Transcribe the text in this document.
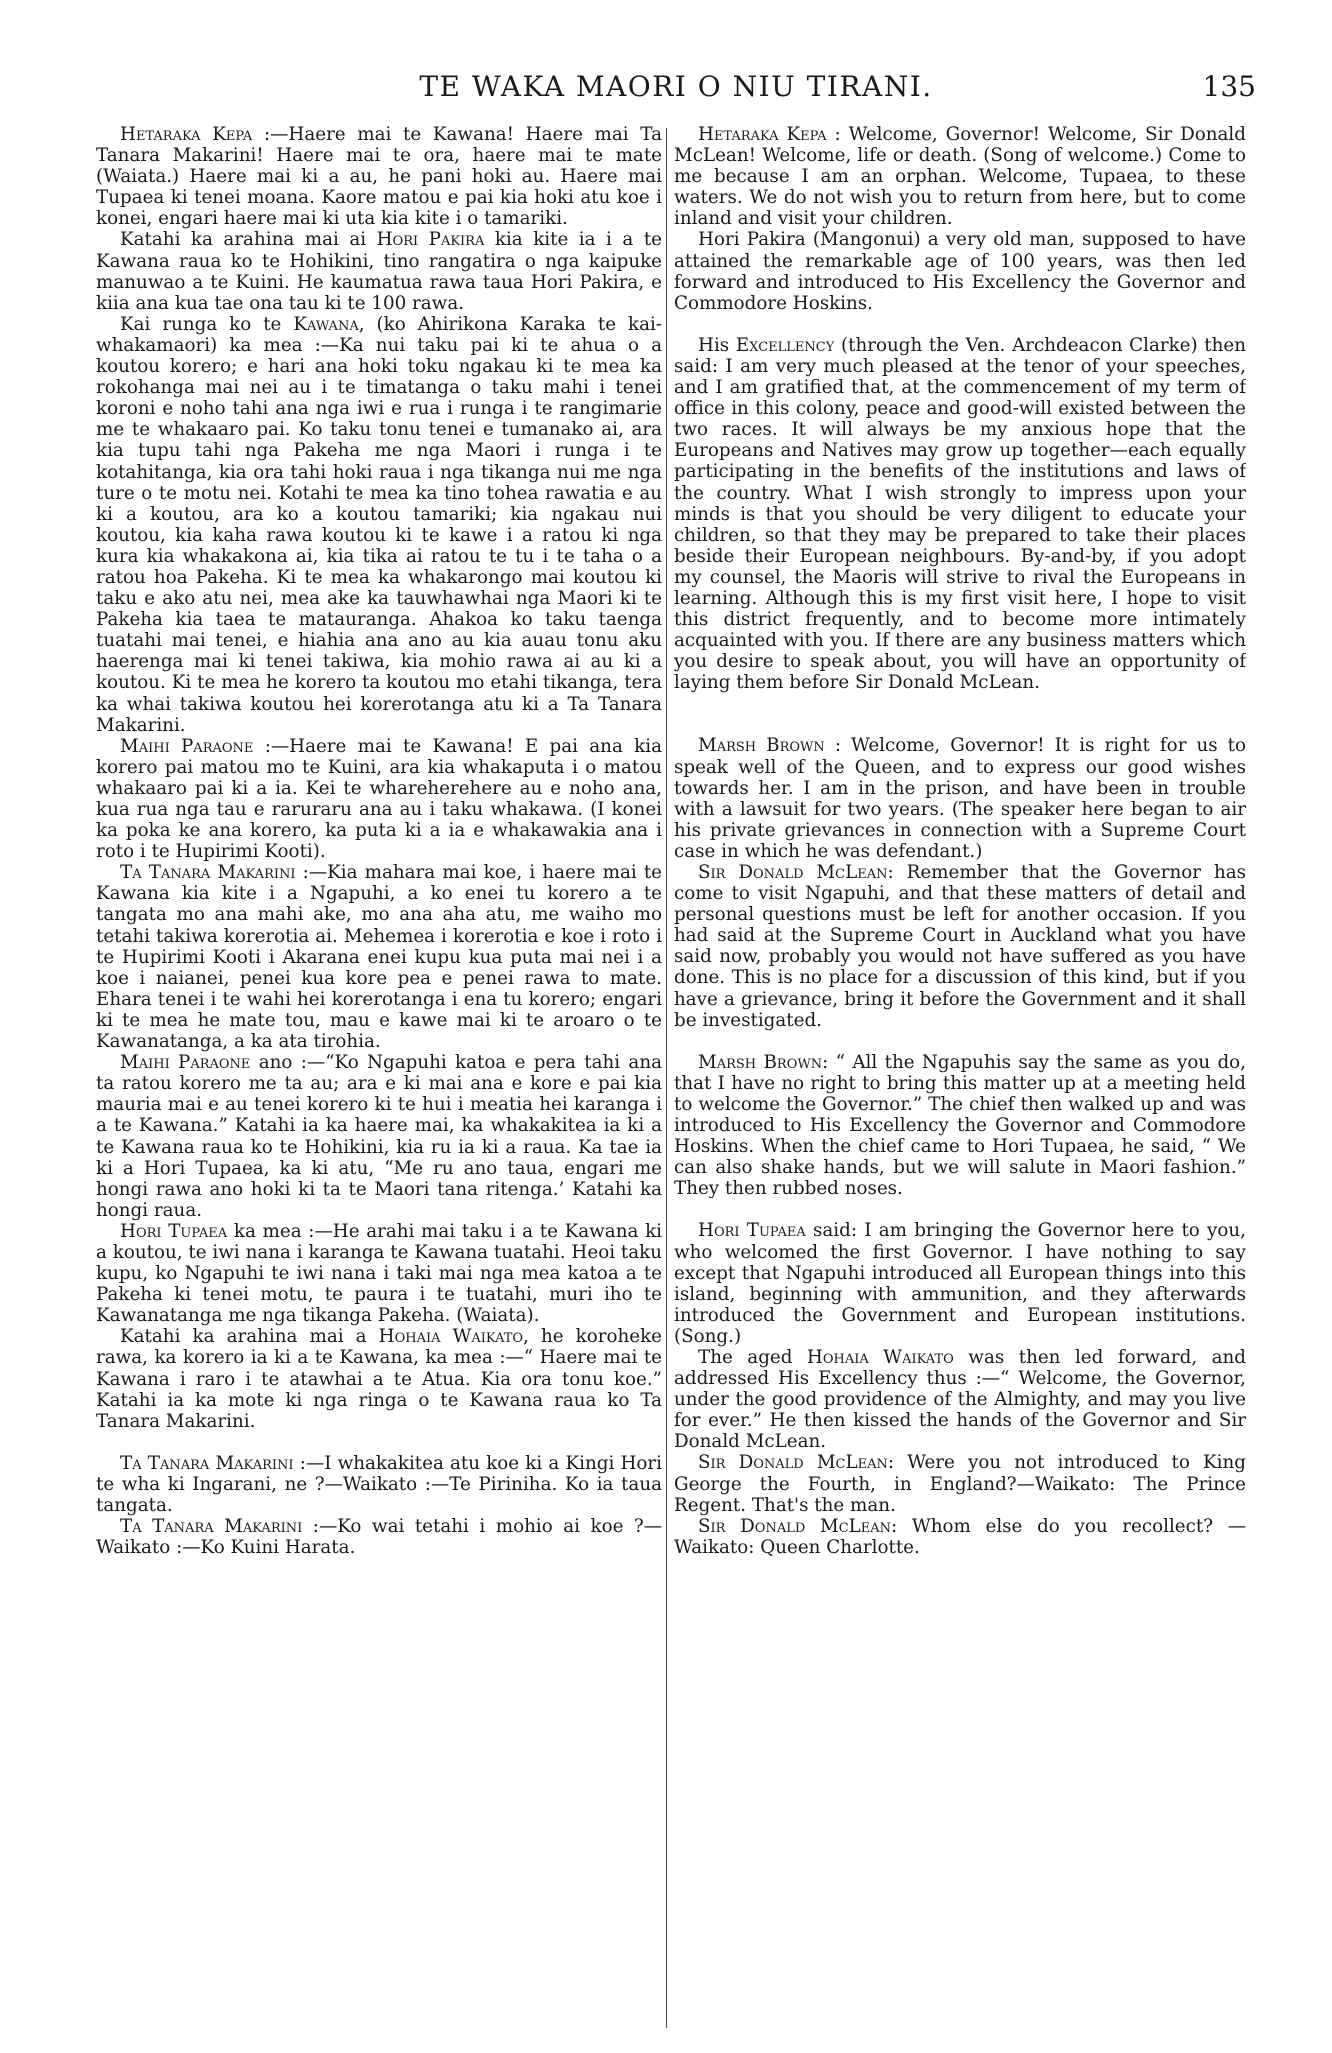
TE WAKA MAORI O NIU TIRANI.	135

Hetaraka Kepa :—Haere mai te Kawana! Haere mai Ta Tanara Makarini! Haere mai te ora, haere mai te mate (Waiata.) Haere mai ki a au, he pani hoki au. Haere mai Tupaea ki tenei moana. Kaore matou e pai kia hoki atu koe i konei, engari haere mai ki uta kia kite i o tamariki.

Katahi ka arahina mai ai Hori Pakira kia kite ia i a te Kawana raua ko te Hohikini, tino rangatira o nga kaipuke manuwao a te Kuini. He kaumatua rawa taua Hori Pakira, e kiia ana kua tae ona tau ki te 100 rawa.

Kai runga ko te Kawana, (ko Ahirikona Karaka te kai-whakamaori) ka mea :—Ka nui taku pai ki te ahua o a koutou korero; e hari ana hoki toku ngakau ki te mea ka rokohanga mai nei au i te timatanga o taku mahi i tenei koroni e noho tahi ana nga iwi e rua i runga i te rangimarie me te whakaaro pai. Ko taku tonu tenei e tumanako ai, ara kia tupu tahi nga Pakeha me nga Maori i runga i te kotahitanga, kia ora tahi hoki raua i nga tikanga nui me nga ture o te motu nei. Kotahi te mea ka tino tohea rawatia e au ki a koutou, ara ko a koutou tamariki; kia ngakau nui koutou, kia kaha rawa koutou ki te kawe i a ratou ki nga kura kia whakakona ai, kia tika ai ratou te tu i te taha o a ratou hoa Pakeha. Ki te mea ka whakarongo mai koutou ki taku e ako atu nei, mea ake ka tauwhawhai nga Maori ki te Pakeha kia taea te matauranga. Ahakoa ko taku taenga tuatahi mai tenei, e hiahia ana ano au kia auau tonu aku haerenga mai ki tenei takiwa, kia mohio rawa ai au ki a koutou. Ki te mea he korero ta koutou mo etahi tikanga, tera ka whai takiwa koutou hei korerotanga atu ki a Ta Tanara Makarini.

Maihi Paraone :—Haere mai te Kawana! E pai ana kia korero pai matou mo te Kuini, ara kia whakaputa i o matou whakaaro pai ki a ia. Kei te whareherehere au e noho ana, kua rua nga tau e raruraru ana au i taku whakawa. (I konei ka poka ke ana korero, ka puta ki a ia e whakawakia ana i roto i te Hupirimi Kooti).

Ta Tanara Makarini :—Kia mahara mai koe, i haere mai te Kawana kia kite i a Ngapuhi, a ko enei tu korero a te tangata mo ana mahi ake, mo ana aha atu, me waiho mo tetahi takiwa korerotia ai. Mehemea i korerotia e koe i roto i te Hupirimi Kooti i Akarana enei kupu kua puta mai nei i a koe i naianei, penei kua kore pea e penei rawa to mate. Ehara tenei i te wahi hei korerotanga i ena tu korero; engari ki te mea he mate tou, mau e kawe mai ki te aroaro o te Kawanatanga, a ka ata tirohia.

Maihi Paraone ano :—“Ko Ngapuhi katoa e pera tahi ana ta ratou korero me ta au; ara e ki mai ana e kore e pai kia mauria mai e au tenei korero ki te hui i meatia hei karanga i a te Kawana.” Katahi ia ka haere mai, ka whakakitea ia ki a te Kawana raua ko te Hohikini, kia ru ia ki a raua. Ka tae ia ki a Hori Tupaea, ka ki atu, “Me ru ano taua, engari me hongi rawa ano hoki ki ta te Maori tana ritenga.’ Katahi ka hongi raua.

Hori Tupaea ka mea :—He arahi mai taku i a te Kawana ki a koutou, te iwi nana i karanga te Kawana tuatahi. Heoi taku kupu, ko Ngapuhi te iwi nana i taki mai nga mea katoa a te Pakeha ki tenei motu, te paura i te tuatahi, muri iho te Kawanatanga me nga tikanga Pakeha. (Waiata).

Katahi ka arahina mai a Hohaia Waikato, he koroheke rawa, ka korero ia ki a te Kawana, ka mea :—“ Haere mai te Kawana i raro i te atawhai a te Atua. Kia ora tonu koe.” Katahi ia ka mote ki nga ringa o te Kawana raua ko Ta Tanara Makarini.

Ta Tanara Makarini :—I whakakitea atu koe ki a Kingi Hori te wha ki Ingarani, ne ?—Waikato :—Te Piriniha. Ko ia taua tangata.

Ta Tanara Makarini :—Ko wai tetahi i mohio ai koe ?—Waikato :—Ko Kuini Harata.

Hetaraka Kepa : Welcome, Governor! Welcome, Sir Donald McLean! Welcome, life or death. (Song of welcome.) Come to me because I am an orphan. Welcome, Tupaea, to these waters. We do not wish you to return from here, but to come inland and visit your children.

Hori Pakira (Mangonui) a very old man, supposed to have attained the remarkable age of 100 years, was then led forward and introduced to His Excellency the Governor and Commodore Hoskins.

His Excellency (through the Ven. Archdeacon Clarke) then said: I am very much pleased at the tenor of your speeches, and I am gratified that, at the commencement of my term of office in this colony, peace and good-will existed between the two races. It will always be my anxious hope that the Europeans and Natives may grow up together—each equally participating in the benefits of the institutions and laws of the country. What I wish strongly to impress upon your minds is that you should be very diligent to educate your children, so that they may be prepared to take their places beside their European neighbours. By-and-by, if you adopt my counsel, the Maoris will strive to rival the Europeans in learning. Although this is my first visit here, I hope to visit this district frequently, and to become more intimately acquainted with you. If there are any business matters which you desire to speak about, you will have an opportunity of laying them before Sir Donald McLean.

Marsh Brown : Welcome, Governor! It is right for us to speak well of the Queen, and to express our good wishes towards her. I am in the prison, and have been in trouble with a lawsuit for two years. (The speaker here began to air his private grievances in connection with a Supreme Court case in which he was defendant.)

Sir Donald McLean: Remember that the Governor has come to visit Ngapuhi, and that these matters of detail and personal questions must be left for another occasion. If you had said at the Supreme Court in Auckland what you have said now, probably you would not have suffered as you have done. This is no place for a discussion of this kind, but if you have a grievance, bring it before the Government and it shall be investigated.

Marsh Brown: “ All the Ngapuhis say the same as you do, that I have no right to bring this matter up at a meeting held to welcome the Governor.” The chief then walked up and was introduced to His Excellency the Governor and Commodore Hoskins. When the chief came to Hori Tupaea, he said, “ We can also shake hands, but we will salute in Maori fashion.” They then rubbed noses.

Hori Tupaea said: I am bringing the Governor here to you, who welcomed the first Governor. I have nothing to say except that Ngapuhi introduced all European things into this island, beginning with ammunition, and they afterwards introduced the Government and European institutions. (Song.)

The aged Hohaia Waikato was then led forward, and addressed His Excellency thus :—“ Welcome, the Governor, under the good providence of the Almighty, and may you live for ever.” He then kissed the hands of the Governor and Sir Donald McLean.

Sir Donald McLean: Were you not introduced to King George the Fourth, in England?—Waikato: The Prince Regent. That's the man.

Sir Donald McLean: Whom else do you recollect? —Waikato: Queen Charlotte.
